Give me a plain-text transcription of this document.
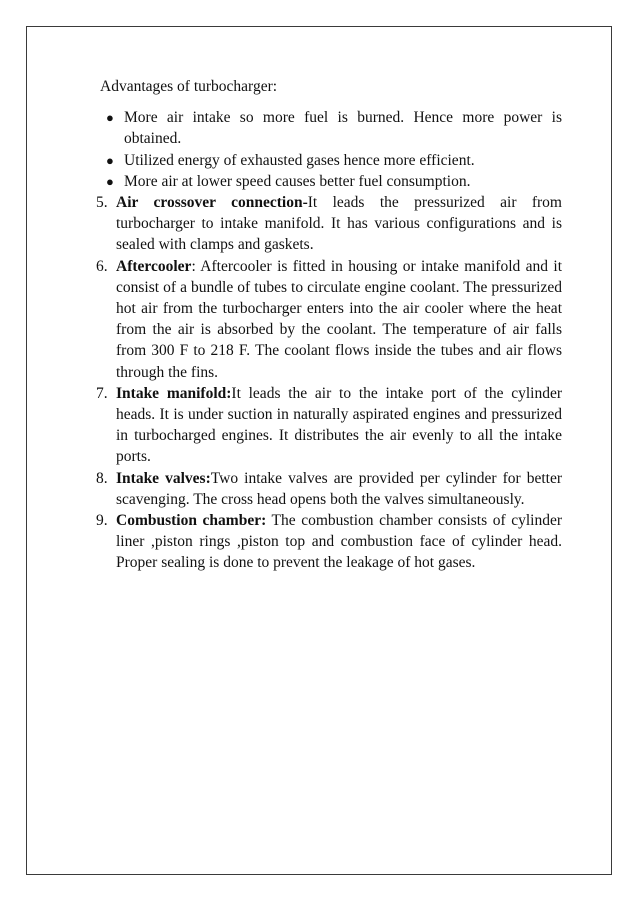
Advantages of turbocharger:

● More air intake so more fuel is burned. Hence more power is obtained.
● Utilized energy of exhausted gases hence more efficient.
● More air at lower speed causes better fuel consumption.
5. Air crossover connection-It leads the pressurized air from turbocharger to intake manifold. It has various configurations and is sealed with clamps and gaskets.
6. Aftercooler: Aftercooler is fitted in housing or intake manifold and it consist of a bundle of tubes to circulate engine coolant. The pressurized hot air from the turbocharger enters into the air cooler where the heat from the air is absorbed by the coolant. The temperature of air falls from 300 F to 218 F. The coolant flows inside the tubes and air flows through the fins.
7. Intake manifold:It leads the air to the intake port of the cylinder heads. It is under suction in naturally aspirated engines and pressurized in turbocharged engines. It distributes the air evenly to all the intake ports.
8. Intake valves:Two intake valves are provided per cylinder for better scavenging. The cross head opens both the valves simultaneously.
9. Combustion chamber: The combustion chamber consists of cylinder liner ,piston rings ,piston top and combustion face of cylinder head. Proper sealing is done to prevent the leakage of hot gases.
